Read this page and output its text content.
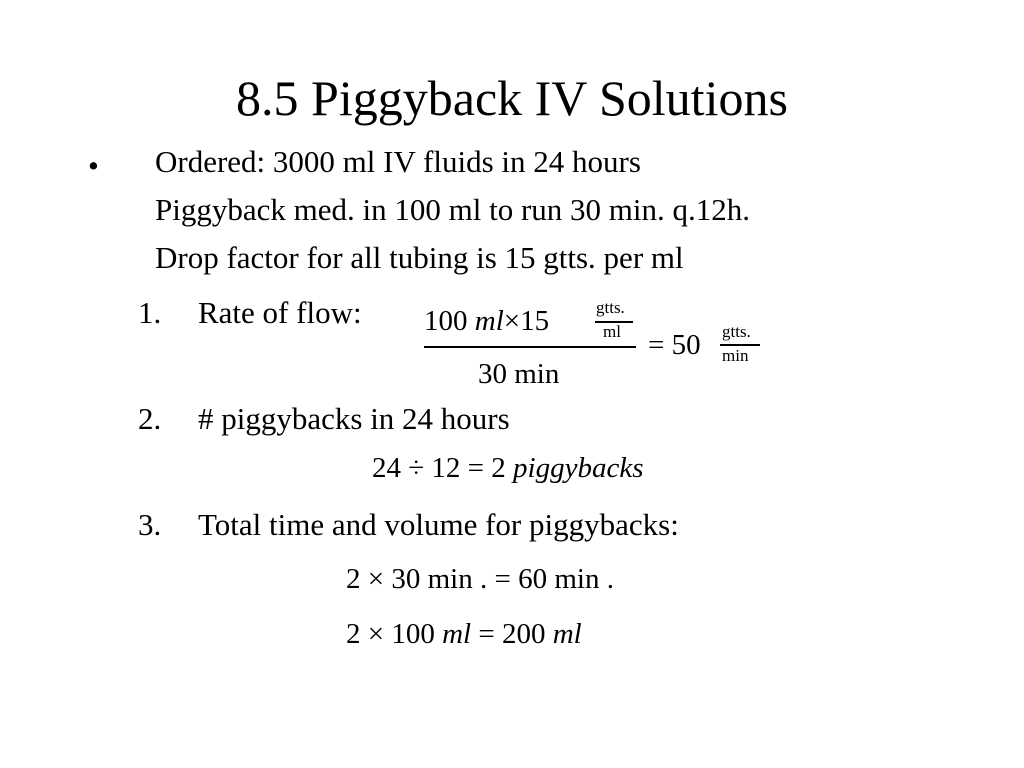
8.5 Piggyback IV Solutions
• Ordered: 3000 ml IV fluids in 24 hours
Piggyback med. in 100 ml to run 30 min. q.12h.
Drop factor for all tubing is 15 gtts. per ml
1. Rate of flow: 100 ml×15	gtts.
ml
30 min
= 50 gtts.
min
2. # piggybacks in 24 hours
24 ÷ 12 = 2 piggybacks
3. Total time and volume for piggybacks:
2 × 30 min . = 60 min .
2 × 100 ml = 200 ml
